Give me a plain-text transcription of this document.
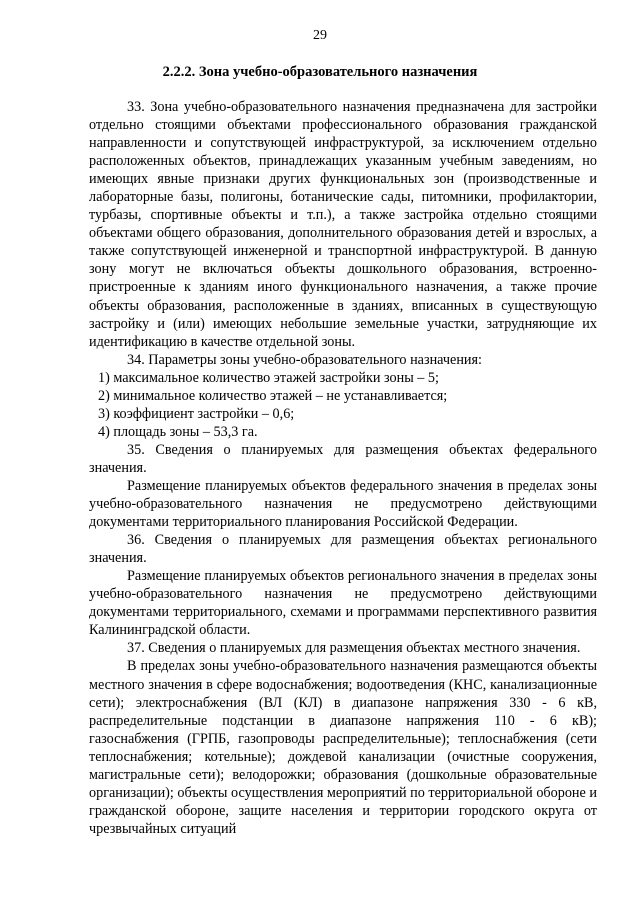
29
2.2.2. Зона учебно-образовательного назначения

33. Зона учебно-образовательного назначения предназначена для застройки отдельно стоящими объектами профессионального образования гражданской направленности и сопутствующей инфраструктурой, за исключением отдельно расположенных объектов, принадлежащих указанным учебным заведениям, но имеющих явные признаки других функциональных зон (производственные и лабораторные базы, полигоны, ботанические сады, питомники, профилактории, турбазы, спортивные объекты и т.п.), а также застройка отдельно стоящими объектами общего образования, дополнительного образования детей и взрослых, а также сопутствующей инженерной и транспортной инфраструктурой. В данную зону могут не включаться объекты дошкольного образования, встроенно-пристроенные к зданиям иного функционального назначения, а также прочие объекты образования, расположенные в зданиях, вписанных в существующую застройку и (или) имеющих небольшие земельные участки, затрудняющие их идентификацию в качестве отдельной зоны.

34. Параметры зоны учебно-образовательного назначения:

1) максимальное количество этажей застройки зоны – 5;

2) минимальное количество этажей – не устанавливается;

3) коэффициент застройки – 0,6;

4) площадь зоны – 53,3 га.

35. Сведения о планируемых для размещения объектах федерального значения.

Размещение планируемых объектов федерального значения в пределах зоны учебно-образовательного назначения не предусмотрено действующими документами территориального планирования Российской Федерации.

36. Сведения о планируемых для размещения объектах регионального значения.

Размещение планируемых объектов регионального значения в пределах зоны учебно-образовательного назначения не предусмотрено действующими документами территориального, схемами и программами перспективного развития Калининградской области.

37. Сведения о планируемых для размещения объектах местного значения.

В пределах зоны учебно-образовательного назначения размещаются объекты местного значения в сфере водоснабжения; водоотведения (КНС, канализационные сети); электроснабжения (ВЛ (КЛ) в диапазоне напряжения 330 - 6 кВ, распределительные подстанции в диапазоне напряжения 110 - 6 кВ); газоснабжения (ГРПБ, газопроводы распределительные); теплоснабжения (сети теплоснабжения; котельные); дождевой канализации (очистные сооружения, магистральные сети); велодорожки; образования (дошкольные образовательные организации); объекты осуществления мероприятий по территориальной обороне и гражданской обороне, защите населения и территории городского округа от чрезвычайных ситуаций
